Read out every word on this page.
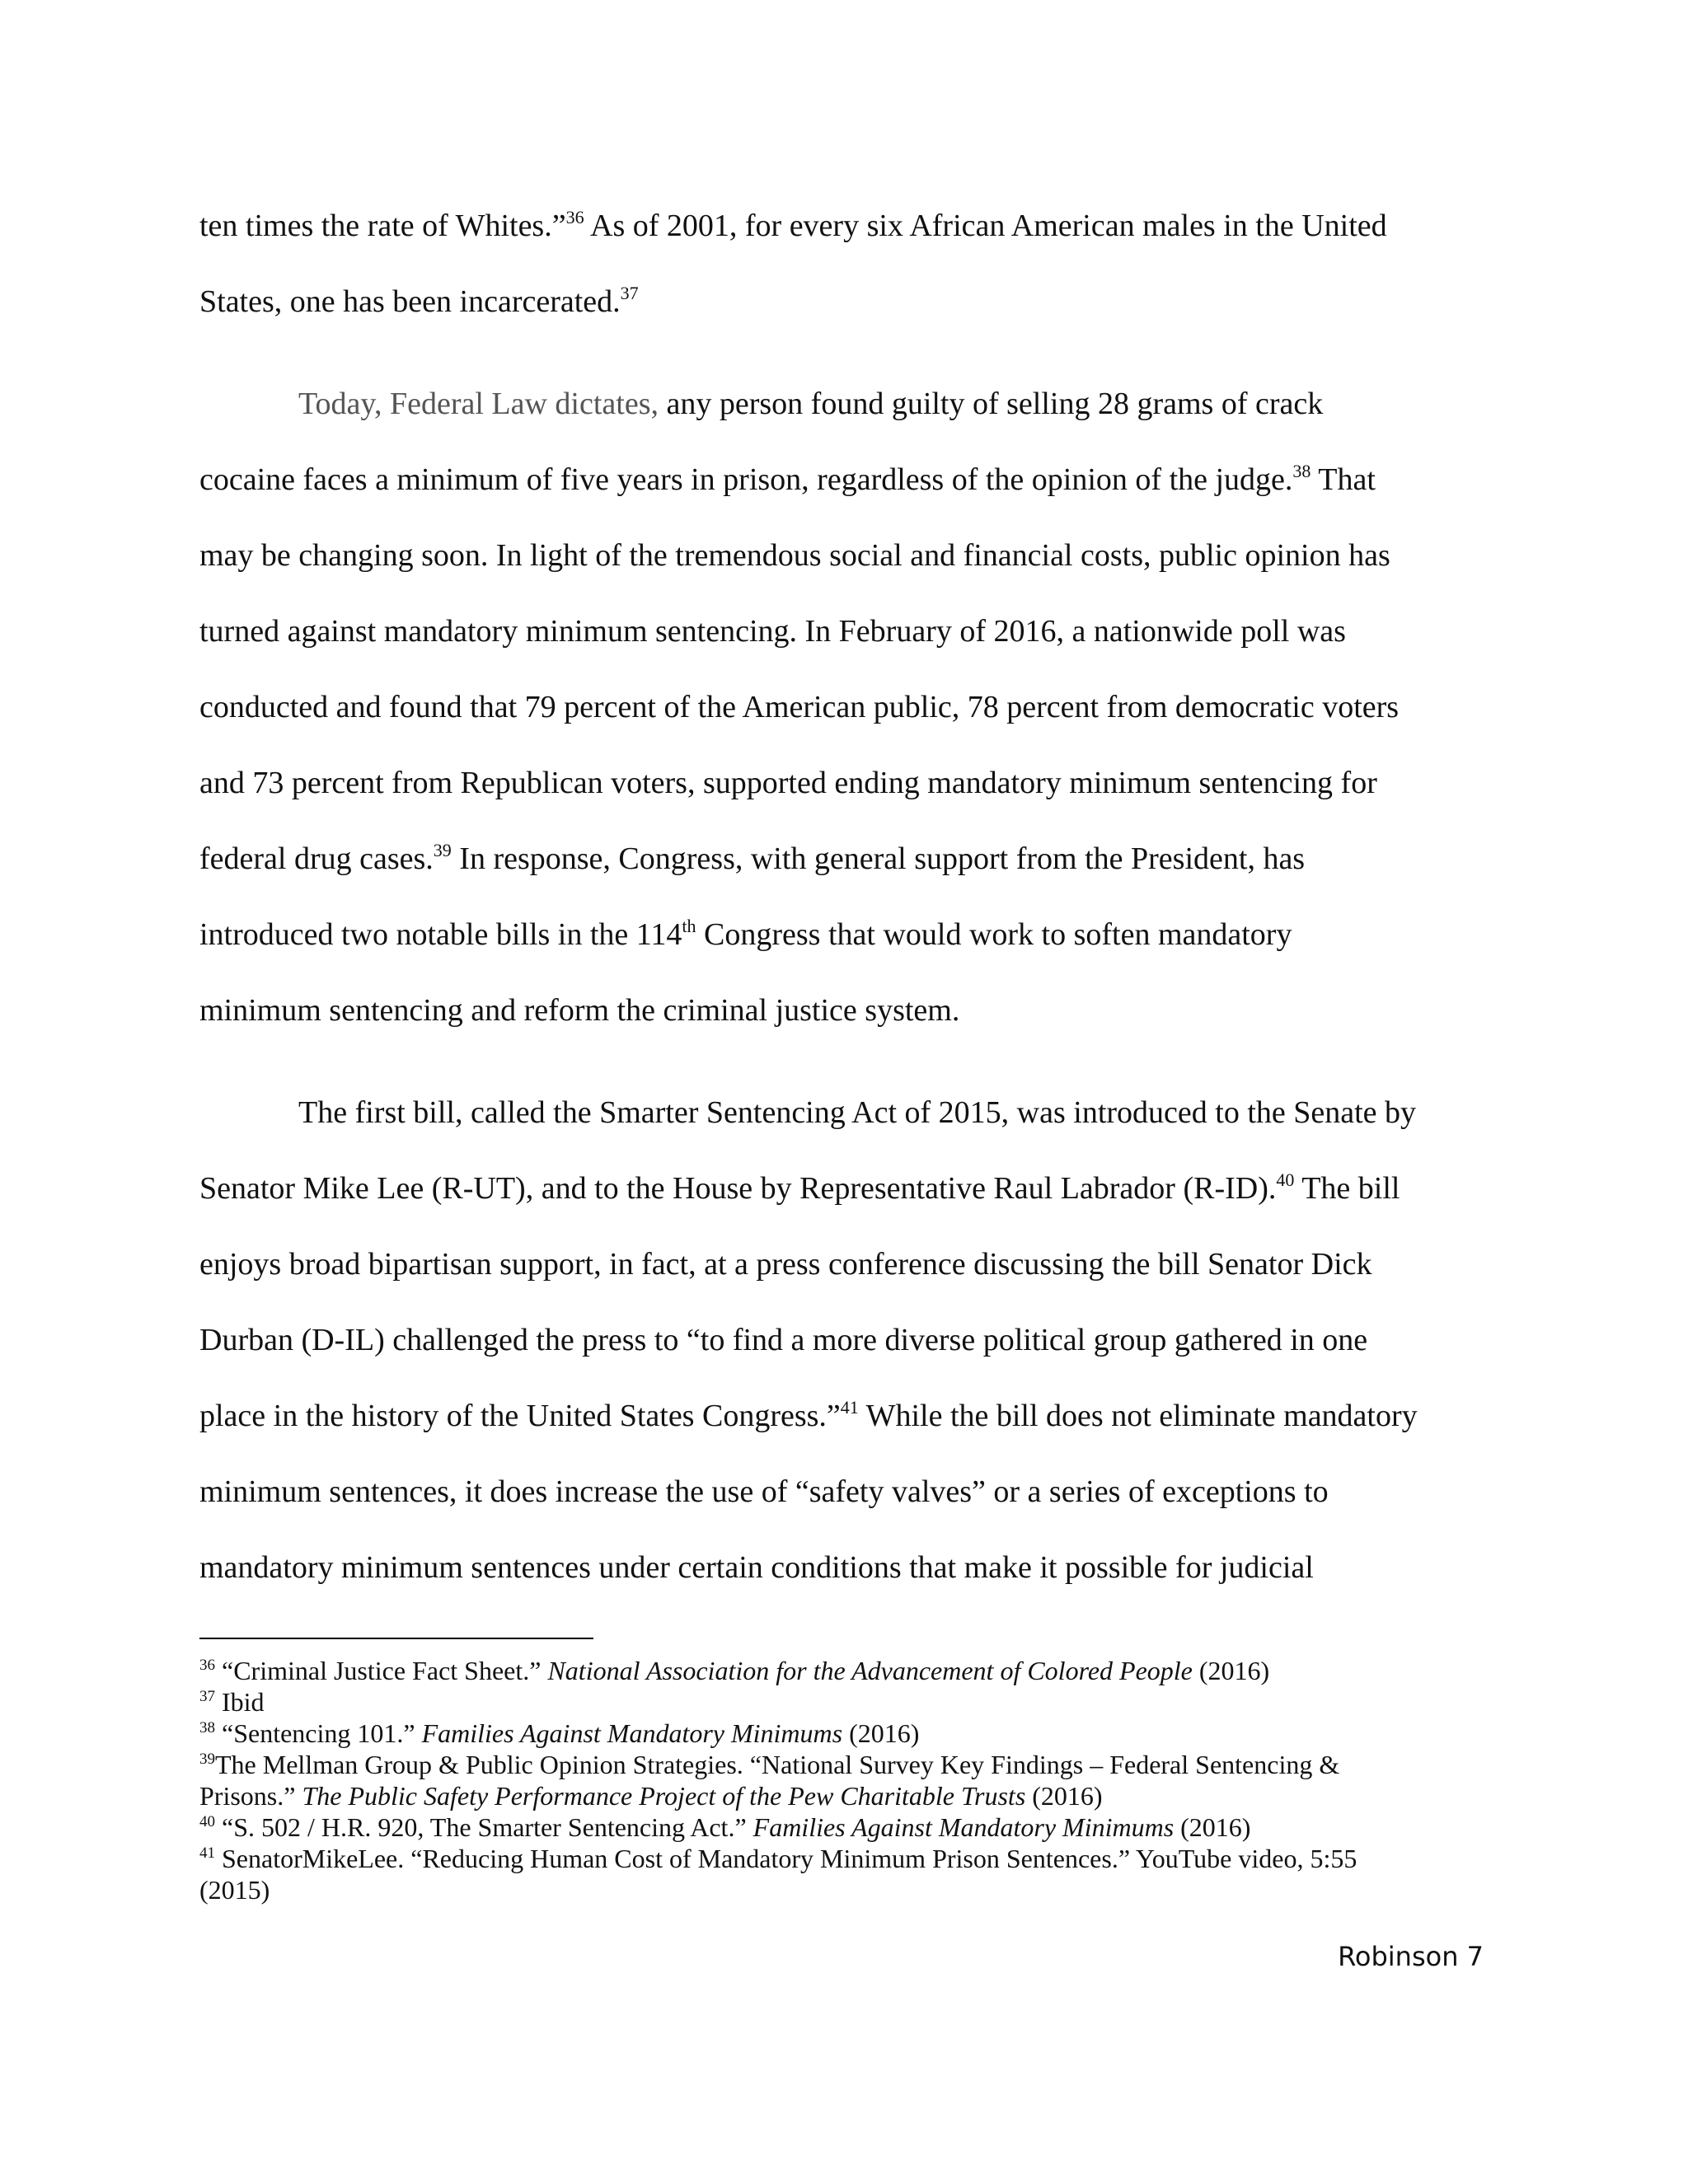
ten times the rate of Whites.”$^{36}$ As of 2001, for every six African American males in the United

States, one has been incarcerated.$^{37}$

Today, Federal Law dictates, any person found guilty of selling 28 grams of crack

cocaine faces a minimum of five years in prison, regardless of the opinion of the judge.$^{38}$ That

may be changing soon. In light of the tremendous social and financial costs, public opinion has

turned against mandatory minimum sentencing. In February of 2016, a nationwide poll was

conducted and found that 79 percent of the American public, 78 percent from democratic voters

and 73 percent from Republican voters, supported ending mandatory minimum sentencing for

federal drug cases.$^{39}$ In response, Congress, with general support from the President, has

introduced two notable bills in the 114th Congress that would work to soften mandatory

minimum sentencing and reform the criminal justice system.

The first bill, called the Smarter Sentencing Act of 2015, was introduced to the Senate by

Senator Mike Lee (R-UT), and to the House by Representative Raul Labrador (R-ID).$^{40}$ The bill

enjoys broad bipartisan support, in fact, at a press conference discussing the bill Senator Dick

Durban (D-IL) challenged the press to “to find a more diverse political group gathered in one

place in the history of the United States Congress.”$^{41}$ While the bill does not eliminate mandatory

minimum sentences, it does increase the use of “safety valves” or a series of exceptions to

mandatory minimum sentences under certain conditions that make it possible for judicial

$^{36}$ “Criminal Justice Fact Sheet.” National Association for the Advancement of Colored People (2016)

$^{37}$ Ibid

$^{38}$ “Sentencing 101.” Families Against Mandatory Minimums (2016)

$^{39}$The Mellman Group & Public Opinion Strategies. “National Survey Key Findings – Federal Sentencing &

Prisons.” The Public Safety Performance Project of the Pew Charitable Trusts (2016)

$^{40}$ “S. 502 / H.R. 920, The Smarter Sentencing Act.” Families Against Mandatory Minimums (2016)

$^{41}$ SenatorMikeLee. “Reducing Human Cost of Mandatory Minimum Prison Sentences.” YouTube video, 5:55

(2015)

Robinson 7
